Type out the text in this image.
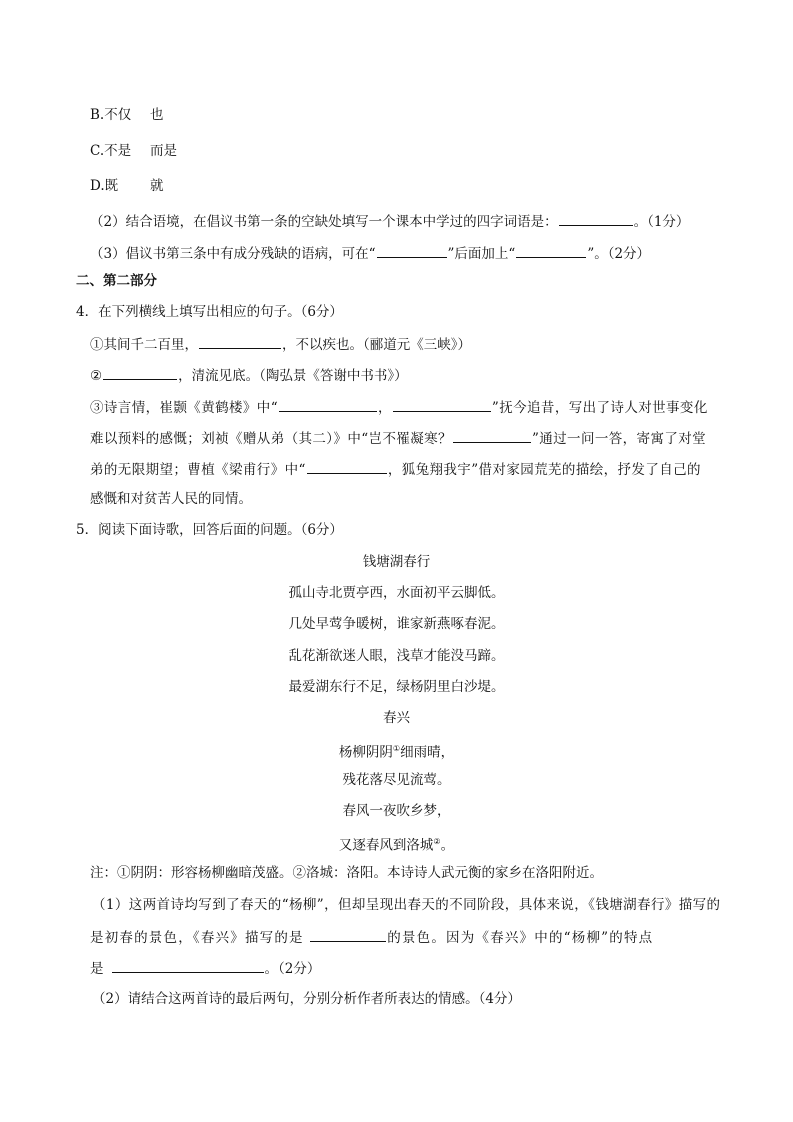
B.不仅 也
C.不是 而是
D.既 就
（2）结合语境，在倡议书第一条的空缺处填写一个课本中学过的四字词语是：	。（1分）
（3）倡议书第三条中有成分残缺的语病，可在“	”后面加上“	”。（2分）
二、第二部分
4．在下列横线上填写出相应的句子。（6分）
①其间千二百里，	，不以疾也。（郦道元《三峡》）
②	，清流见底。（陶弘景《答谢中书书》）
③诗言情，崔颢《黄鹤楼》中“	，	”抚今追昔，写出了诗人对世事变化
难以预料的感慨；刘祯《赠从弟（其二）》中“岂不罹凝寒？	”通过一问一答，寄寓了对堂
弟的无限期望；曹植《梁甫行》中“	，狐兔翔我宇”借对家园荒芜的描绘，抒发了自己的
感慨和对贫苦人民的同情。
5．阅读下面诗歌，回答后面的问题。（6分）
钱塘湖春行
孤山寺北贾亭西，水面初平云脚低。
几处早莺争暖树，谁家新燕啄春泥。
乱花渐欲迷人眼，浅草才能没马蹄。
最爱湖东行不足，绿杨阴里白沙堤。
春兴
杨柳阴阴①细雨晴，
残花落尽见流莺。
春风一夜吹乡梦，
又逐春风到洛城②。
注：①阴阴：形容杨柳幽暗茂盛。②洛城：洛阳。本诗诗人武元衡的家乡在洛阳附近。
（1）这两首诗均写到了春天的“杨柳”，但却呈现出春天的不同阶段，具体来说，《钱塘湖春行》描写的
是初春的景色，《春兴》描写的是	的景色。因为《春兴》中的“杨柳”的特点
是	。（2分）
（2）请结合这两首诗的最后两句，分别分析作者所表达的情感。（4分）
